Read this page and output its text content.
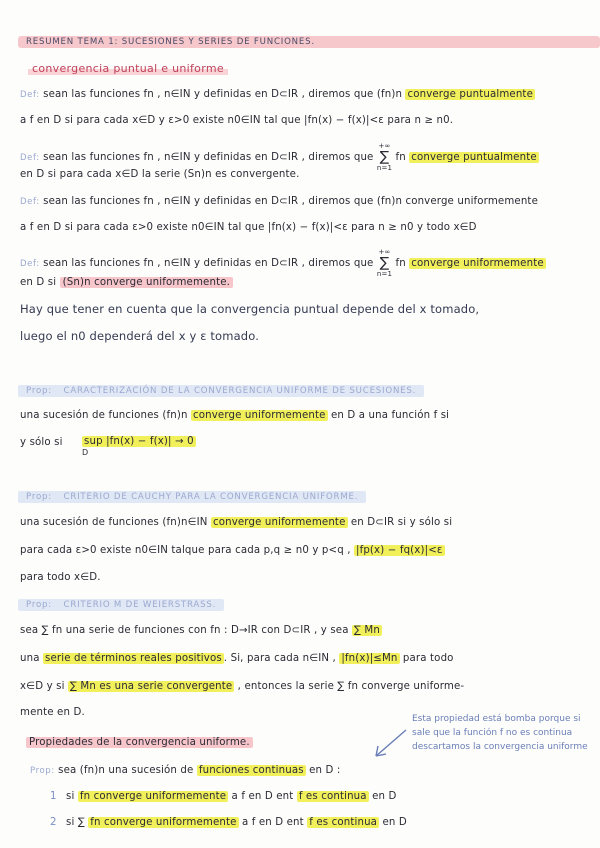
RESUMEN TEMA 1: SUCESIONES Y SERIES DE FUNCIONES.
convergencia puntual e uniforme
Def: sean las funciones fn , n∈IN y definidas en D⊂IR , diremos que (fn)n converge puntualmente
a f en D si para cada x∈D y ε>0 existe n0∈IN tal que |fn(x) − f(x)|<ε para n ≥ n0.
Def: sean las funciones fn , n∈IN y definidas en D⊂IR , diremos que +∞
∑
n=1 fn converge puntualmente
en D si para cada x∈D la serie (Sn)n es convergente.
Def: sean las funciones fn , n∈IN y definidas en D⊂IR , diremos que (fn)n converge uniformemente
a f en D si para cada ε>0 existe n0∈IN tal que |fn(x) − f(x)|<ε para n ≥ n0 y todo x∈D
Def: sean las funciones fn , n∈IN y definidas en D⊂IR , diremos que +∞
∑
n=1 fn converge uniformemente
en D si (Sn)n converge uniformemente.
Hay que tener en cuenta que la convergencia puntual depende del x tomado,
luego el n0 dependerá del x y ε tomado.
Prop: CARACTERIZACIÓN DE LA CONVERGENCIA UNIFORME DE SUCESIONES.
una sucesión de funciones (fn)n converge uniformemente en D a una función f si
y sólo si sup |fn(x) − f(x)| → 0
D
Prop: CRITERIO DE CAUCHY PARA LA CONVERGENCIA UNIFORME.
una sucesión de funciones (fn)n∈IN converge uniformemente en D⊂IR si y sólo si
para cada ε>0 existe n0∈IN talque para cada p,q ≥ n0 y p<q , |fp(x) − fq(x)|<ε
para todo x∈D.
Prop: CRITERIO M DE WEIERSTRASS.
sea ∑ fn una serie de funciones con fn : D→IR con D⊂IR , y sea ∑ Mn
una serie de términos reales positivos . Si, para cada n∈IN , |fn(x)|≤Mn para todo
x∈D y si ∑ Mn es una serie convergente , entonces la serie ∑ fn converge uniforme-
mente en D.
Propiedades de la convergencia uniforme.
Prop: sea (fn)n una sucesión de funciones continuas en D :
1 si fn converge uniformemente a f en D ent f es continua en D
2 si ∑ fn converge uniformemente a f en D ent f es continua en D
Esta propiedad está bomba porque si sale que la función f no es continua descartamos la convergencia uniforme
